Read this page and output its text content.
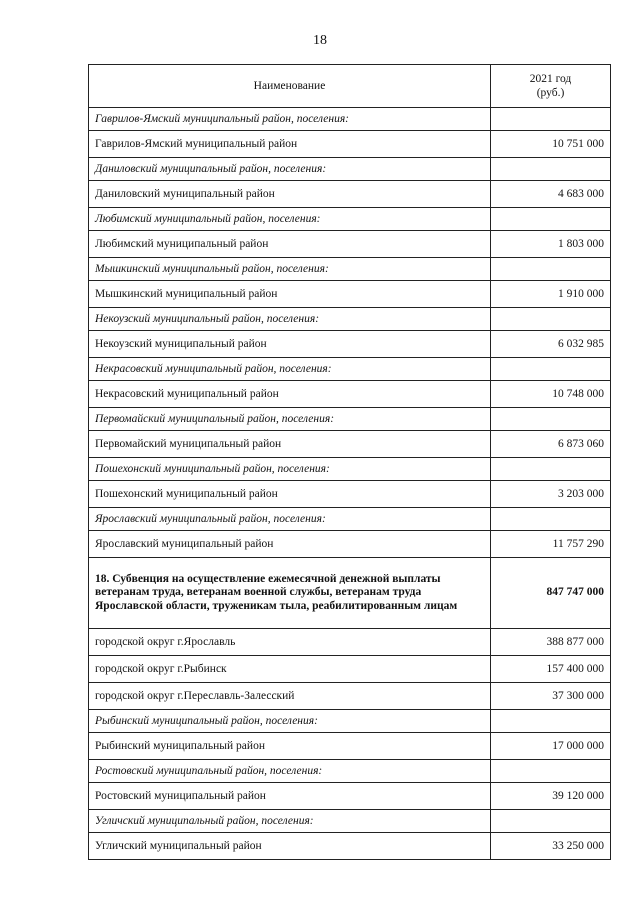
18
Наименование	2021 год
(руб.)

Гаврилов-Ямский муниципальный район, поселения:	
Гаврилов-Ямский муниципальный район	10 751 000
Даниловский муниципальный район, поселения:	
Даниловский муниципальный район	4 683 000
Любимский муниципальный район, поселения:	
Любимский муниципальный район	1 803 000
Мышкинский муниципальный район, поселения:	
Мышкинский муниципальный район	1 910 000
Некоузский муниципальный район, поселения:	
Некоузский муниципальный район	6 032 985
Некрасовский муниципальный район, поселения:	
Некрасовский муниципальный район	10 748 000
Первомайский муниципальный район, поселения:	
Первомайский муниципальный район	6 873 060
Пошехонский муниципальный район, поселения:	
Пошехонский муниципальный район	3 203 000
Ярославский муниципальный район, поселения:	
Ярославский муниципальный район	11 757 290
18. Субвенция на осуществление ежемесячной денежной выплаты ветеранам труда, ветеранам военной службы, ветеранам труда Ярославской области, труженикам тыла, реабилитированным лицам	847 747 000
городской округ г.Ярославль	388 877 000
городской округ г.Рыбинск	157 400 000
городской округ г.Переславль-Залесский	37 300 000
Рыбинский муниципальный район, поселения:	
Рыбинский муниципальный район	17 000 000
Ростовский муниципальный район, поселения:	
Ростовский муниципальный район	39 120 000
Угличский муниципальный район, поселения:	
Угличский муниципальный район	33 250 000
